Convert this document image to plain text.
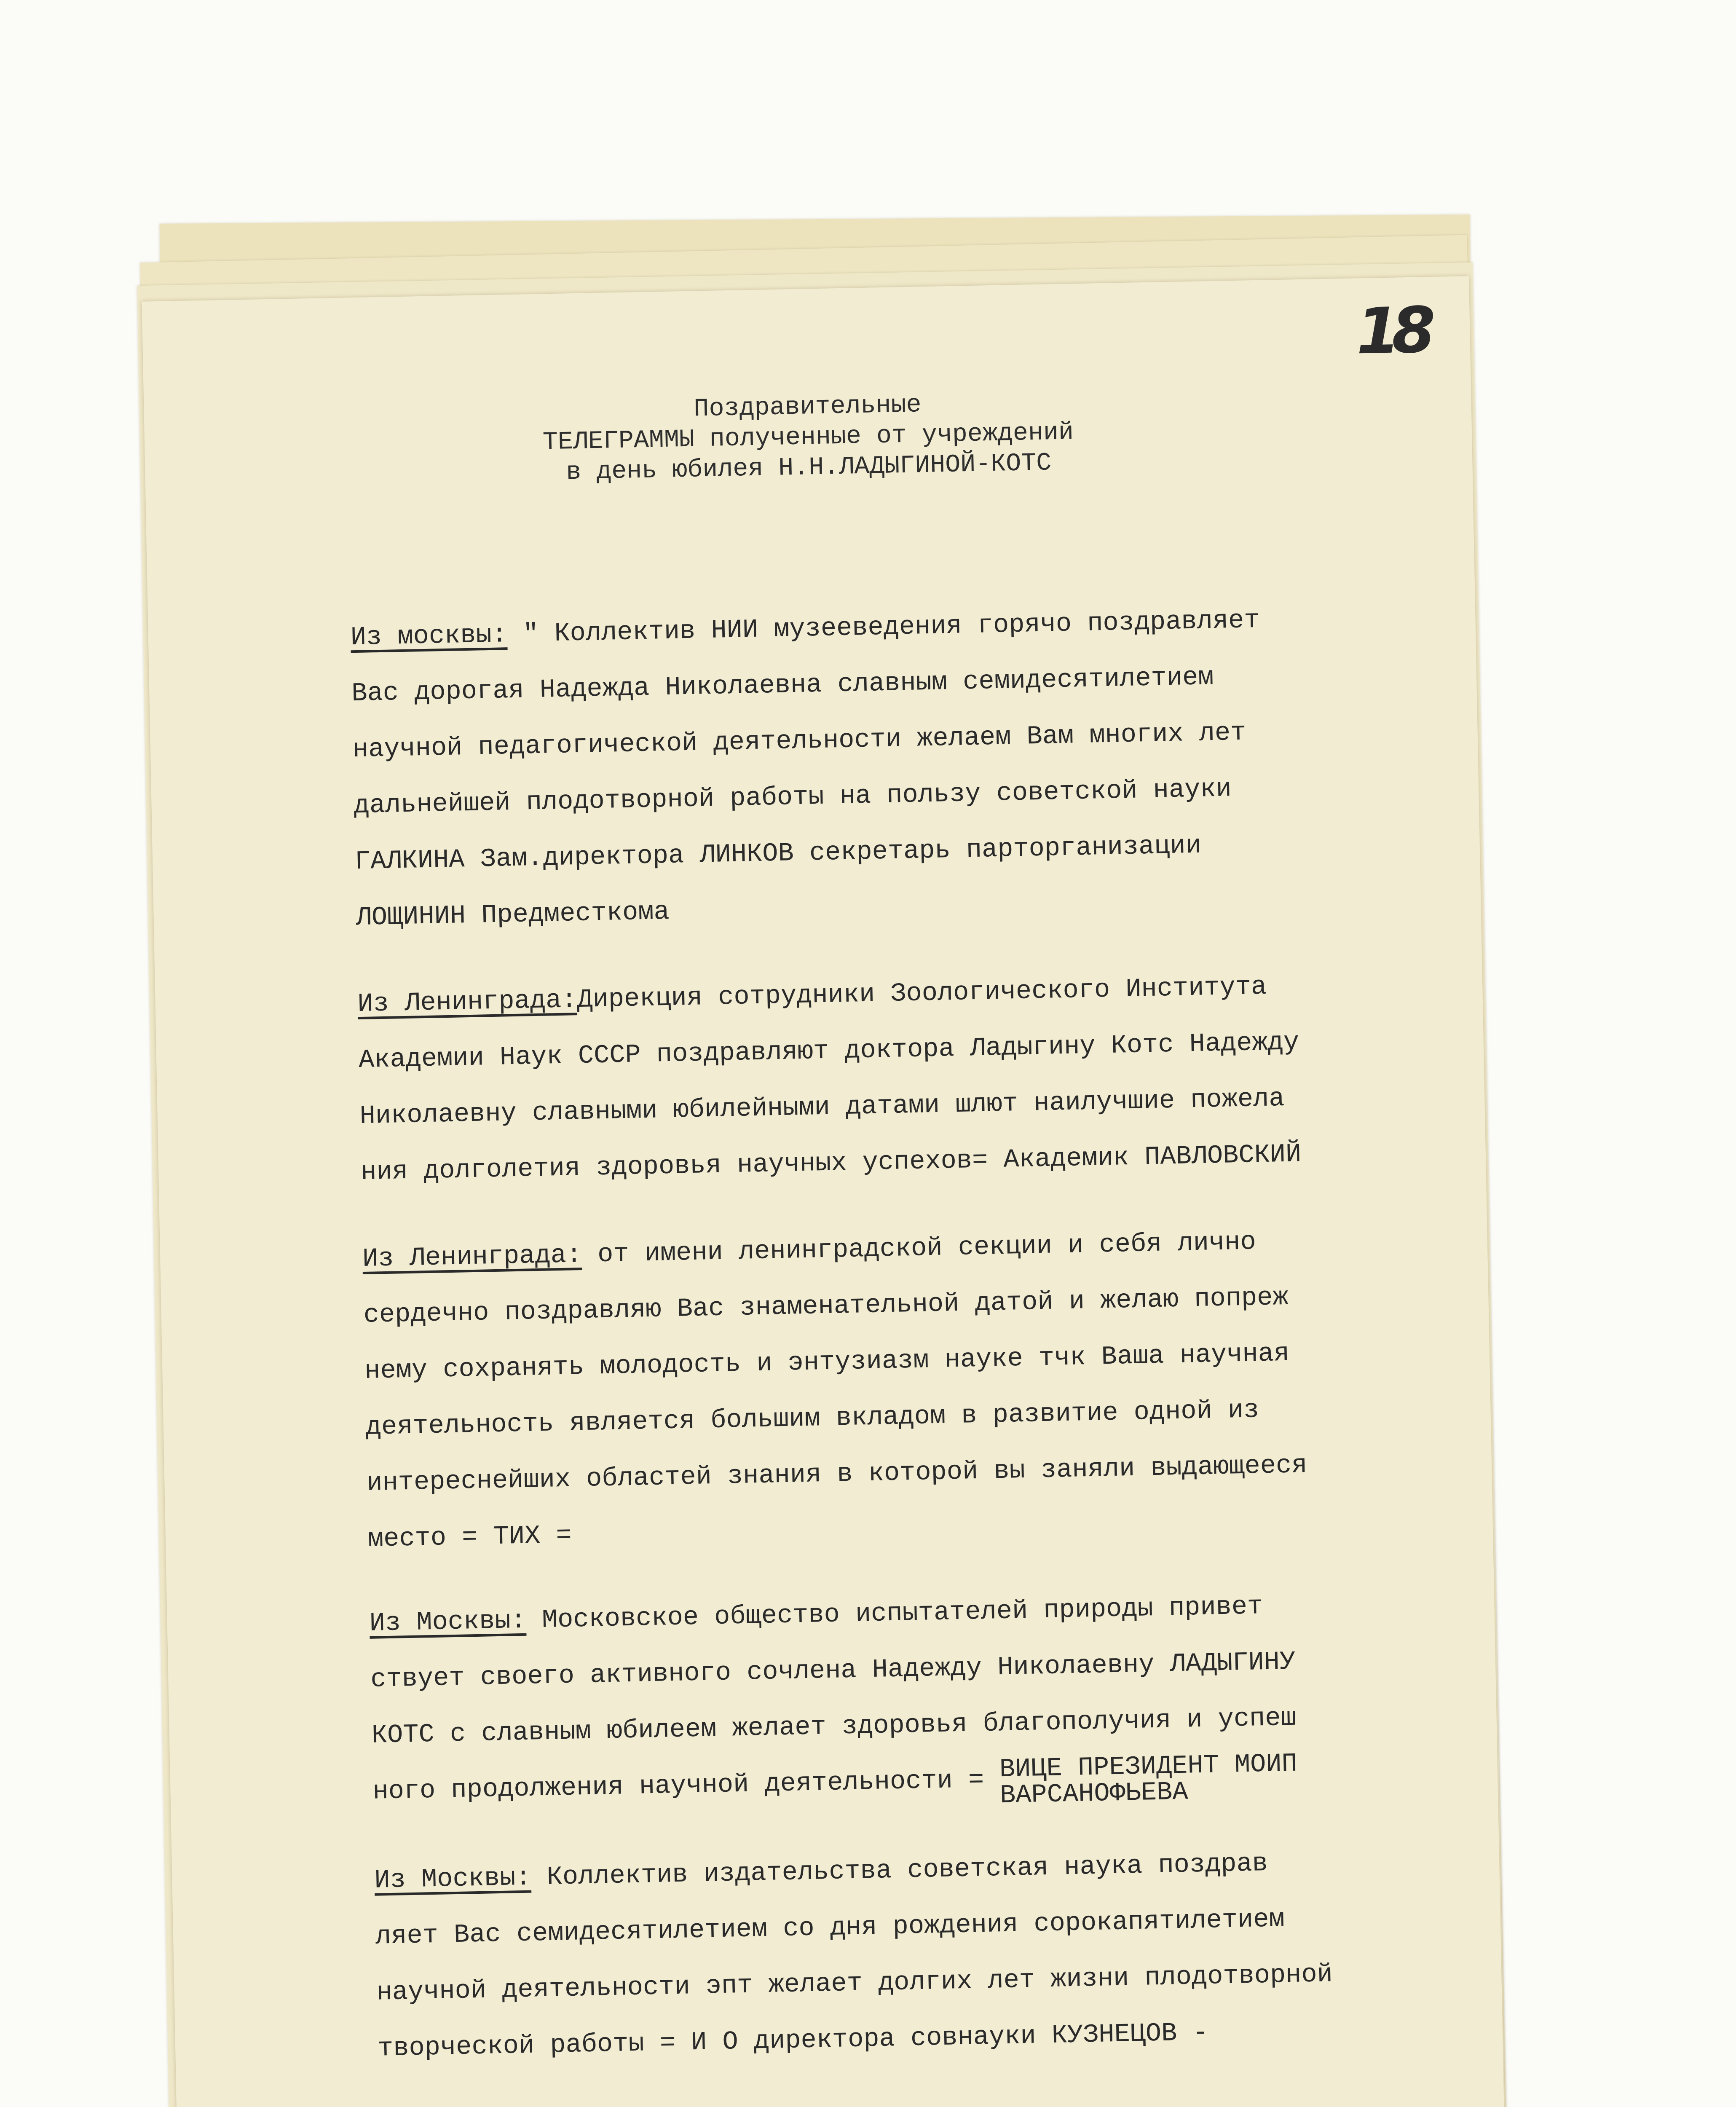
18
Поздравительные
ТЕЛЕГРАММЫ полученные от учреждений
в день юбилея Н.Н.ЛАДЫГИНОЙ-КОТС
Из москвы: " Коллектив НИИ музееведения горячо поздравляет
Вас дорогая Надежда Николаевна славным семидесятилетием
научной педагогической деятельности желаем Вам многих лет
дальнейшей плодотворной работы на пользу советской науки
ГАЛКИНА Зам.директора ЛИНКОВ секретарь парторганизации
ЛОЩИНИН Предместкома
Из Ленинграда:Дирекция сотрудники Зоологического Института
Академии Наук СССР поздравляют доктора Ладыгину Котс Надежду
Николаевну славными юбилейными датами шлют наилучшие пожела
ния долголетия здоровья научных успехов= Академик ПАВЛОВСКИЙ
Из Ленинграда: от имени ленинградской секции и себя лично
сердечно поздравляю Вас знаменательной датой и желаю попреж
нему сохранять молодость и энтузиазм науке тчк Ваша научная
деятельность является большим вкладом в развитие одной из
интереснейших областей знания в которой вы заняли выдающееся
место = ТИХ =
Из Москвы: Московское общество испытателей природы привет
ствует своего активного сочлена Надежду Николаевну ЛАДЫГИНУ
КОТС с славным юбилеем желает здоровья благополучия и успеш
ного продолжения научной деятельности =
ВИЦЕ ПРЕЗИДЕНТ МОИП
ВАРСАНОФЬЕВА
Из Москвы: Коллектив издательства советская наука поздрав
ляет Вас семидесятилетием со дня рождения сорокапятилетием
научной деятельности эпт желает долгих лет жизни плодотворной
творческой работы = И О директора совнауки КУЗНЕЦОВ -
